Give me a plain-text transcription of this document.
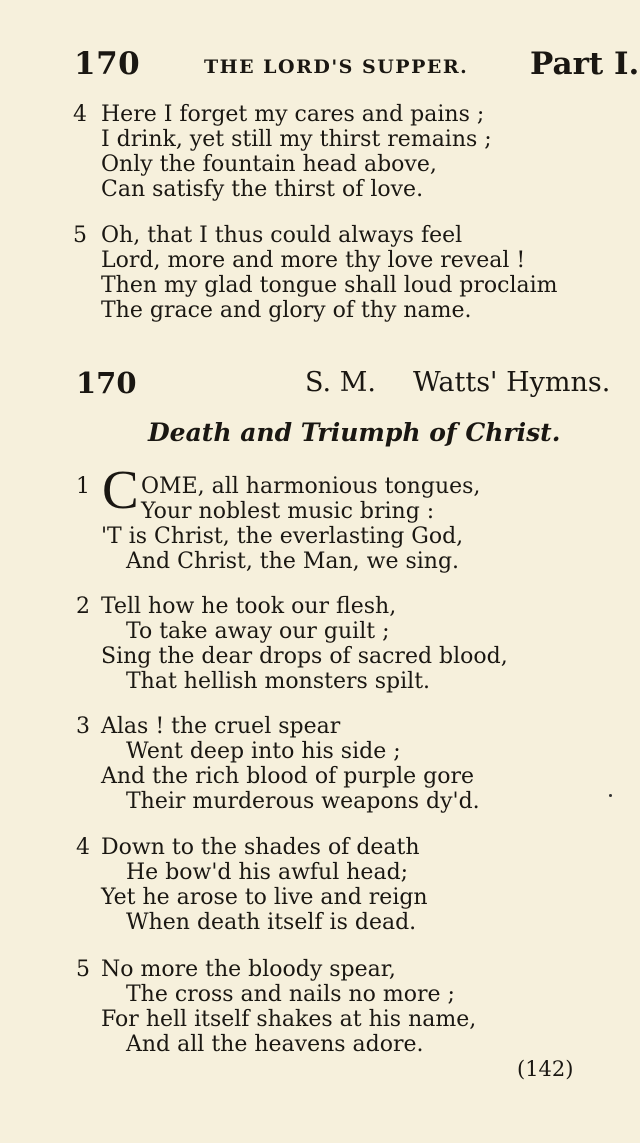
170	THE LORD'S SUPPER. Part I.
4 Here I forget my cares and pains ;
I drink, yet still my thirst remains ;
Only the fountain head above,
Can satisfy the thirst of love.
5 Oh, that I thus could always feel
Lord, more and more thy love reveal !
Then my glad tongue shall loud proclaim
The grace and glory of thy name.
170	S. M. Watts' Hymns.
Death and Triumph of Christ.
1 C OME, all harmonious tongues,
Your noblest music bring :
'T is Christ, the everlasting God,
And Christ, the Man, we sing.
2 Tell how he took our flesh,
To take away our guilt ;
Sing the dear drops of sacred blood,
That hellish monsters spilt.
3 Alas ! the cruel spear
Went deep into his side ;
And the rich blood of purple gore
Their murderous weapons dy'd.
4 Down to the shades of death
He bow'd his awful head;
Yet he arose to live and reign
When death itself is dead.
5 No more the bloody spear,
The cross and nails no more ;
For hell itself shakes at his name,
And all the heavens adore.
(142)
